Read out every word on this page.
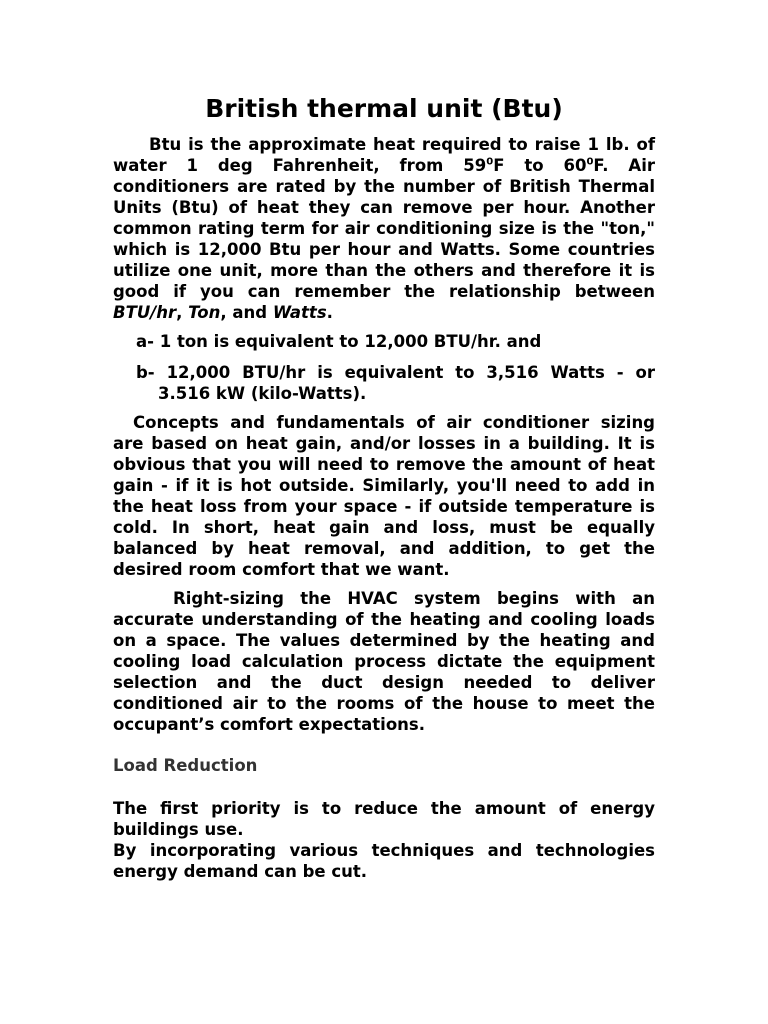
British thermal unit (Btu)

Btu is the approximate heat required to raise 1 lb. of water 1 deg Fahrenheit, from $59^0F$ to $60^0F$. Air conditioners are rated by the number of British Thermal Units (Btu) of heat they can remove per hour. Another common rating term for air conditioning size is the "ton," which is 12,000 Btu per hour and Watts. Some countries utilize one unit, more than the others and therefore it is good if you can remember the relationship between BTU/hr, Ton, and Watts.

a- 1 ton is equivalent to 12,000 BTU/hr. and
b- 12,000 BTU/hr is equivalent to 3,516 Watts - or 3.516 kW (kilo-Watts).

Concepts and fundamentals of air conditioner sizing are based on heat gain, and/or losses in a building. It is obvious that you will need to remove the amount of heat gain - if it is hot outside. Similarly, you'll need to add in the heat loss from your space - if outside temperature is cold. In short, heat gain and loss, must be equally balanced by heat removal, and addition, to get the desired room comfort that we want.

Right-sizing the HVAC system begins with an accurate understanding of the heating and cooling loads on a space. The values determined by the heating and cooling load calculation process dictate the equipment selection and the duct design needed to deliver conditioned air to the rooms of the house to meet the occupant’s comfort expectations.

Load Reduction

The first priority is to reduce the amount of energy buildings use.

By incorporating various techniques and technologies energy demand can be cut.
